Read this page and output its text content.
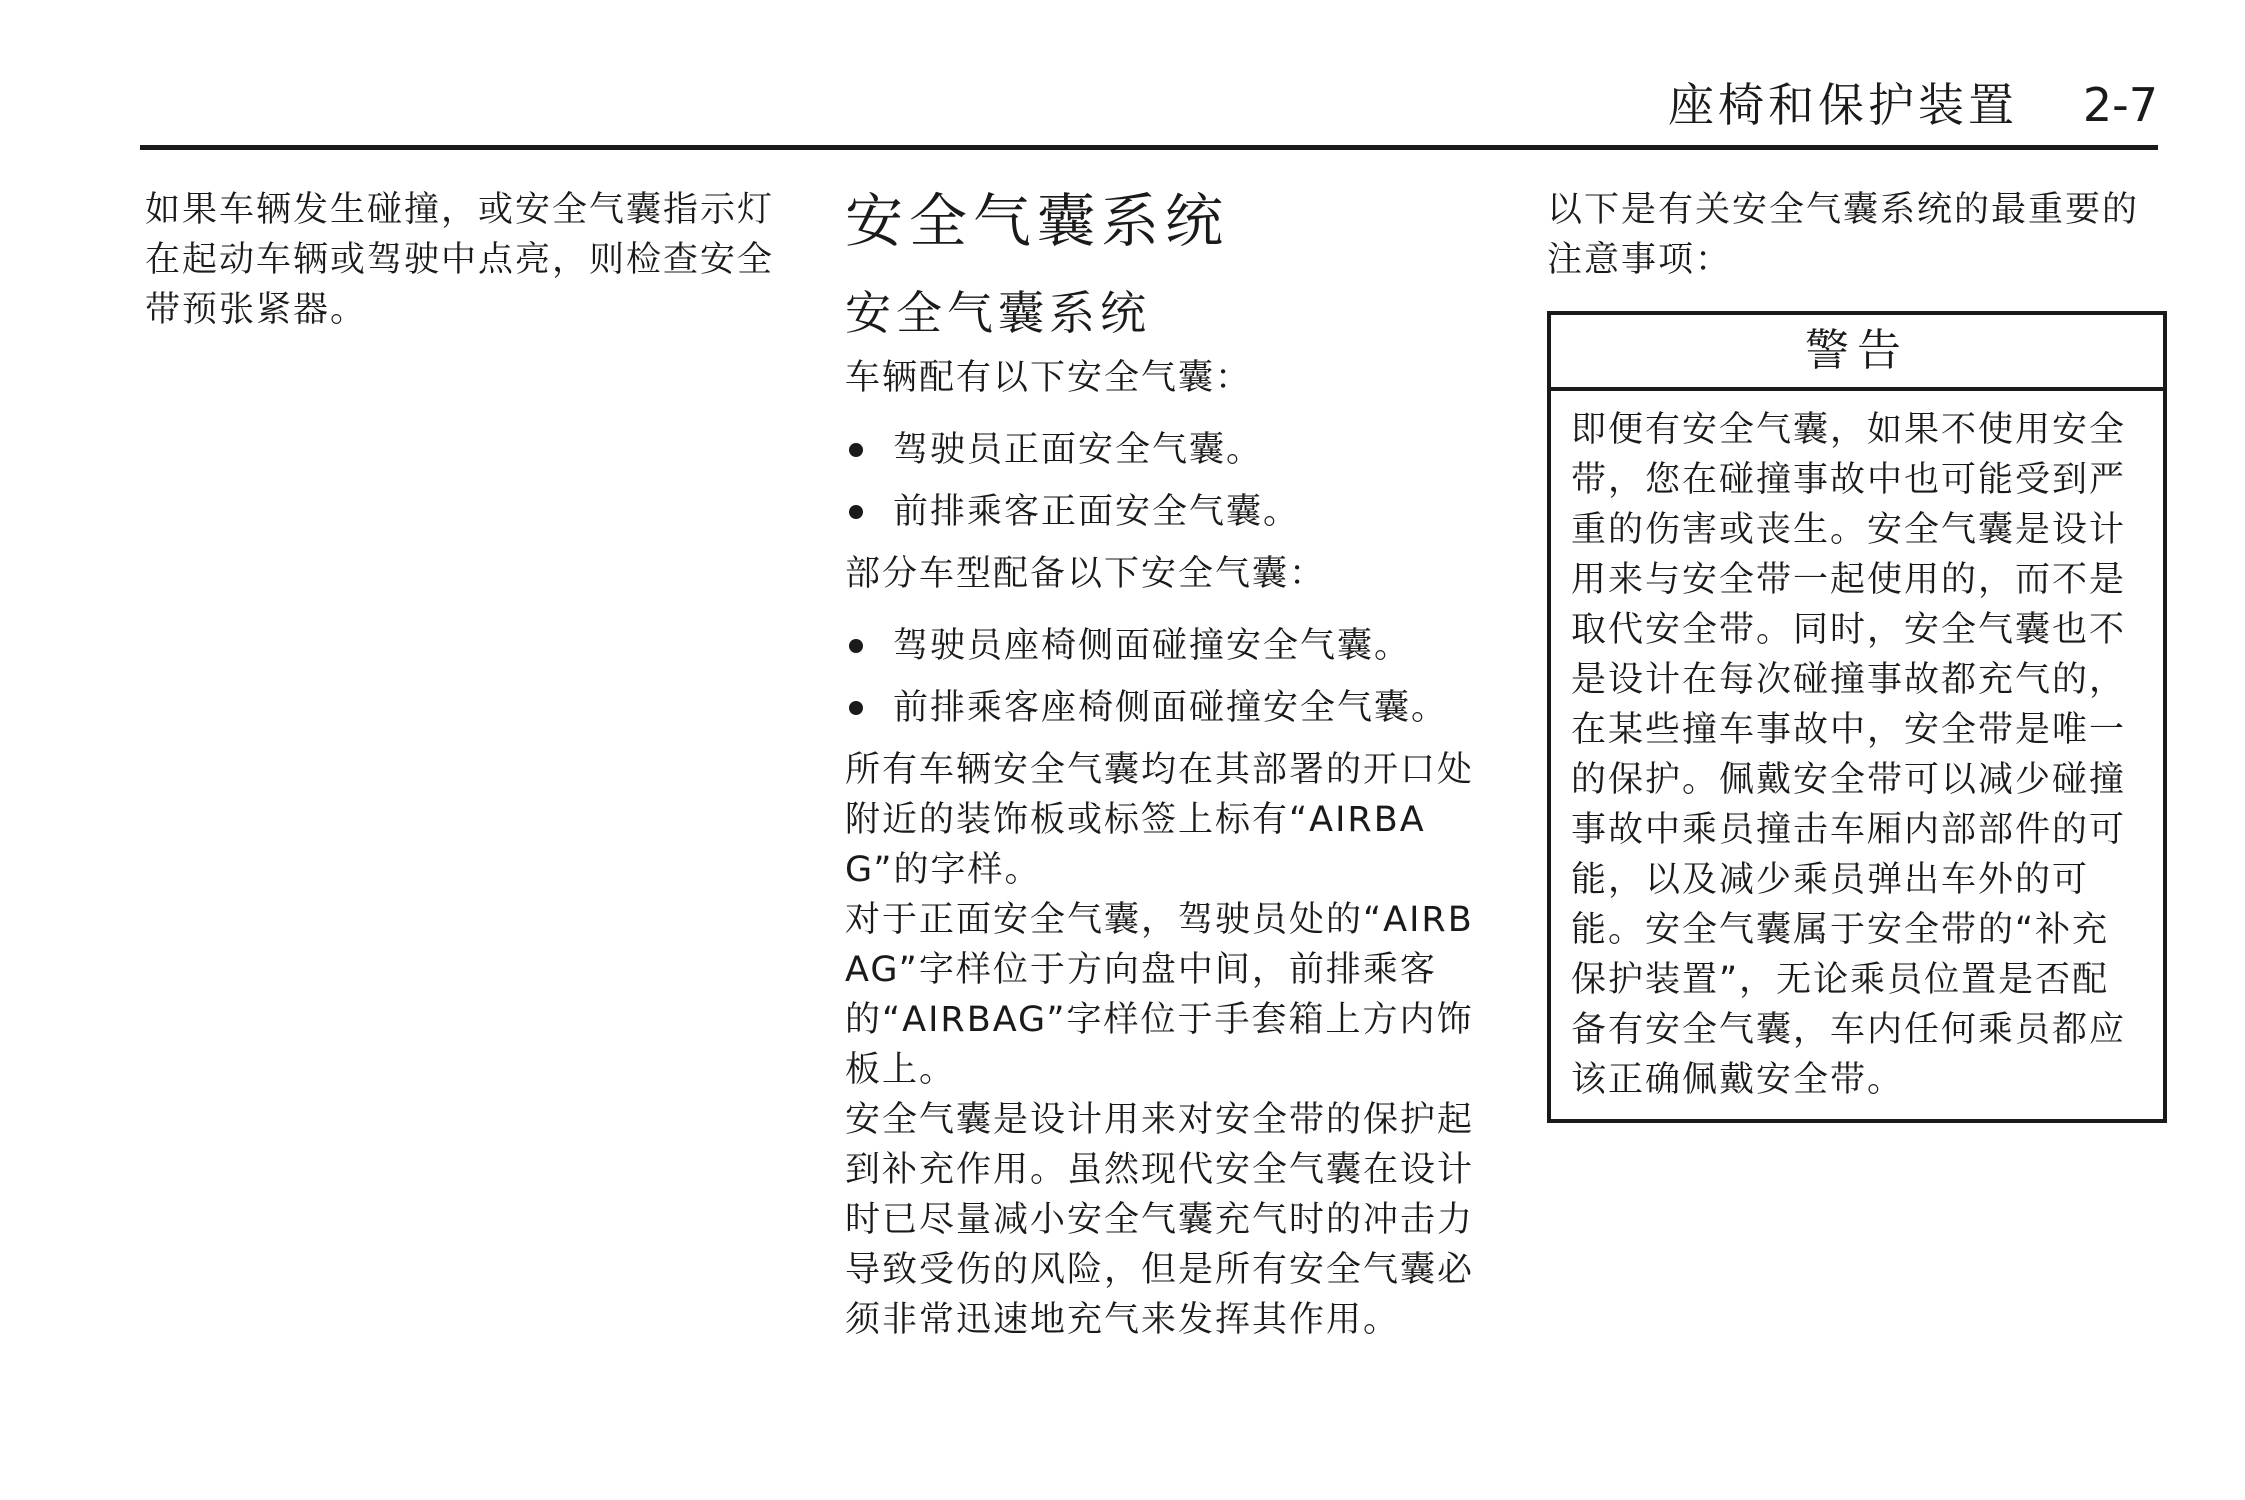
座椅和保护装置 2-7

如果车辆发生碰撞，或安全气囊指示灯在起动车辆或驾驶中点亮，则检查安全带预张紧器。

安全气囊系统
安全气囊系统

车辆配有以下安全气囊：

驾驶员正面安全气囊。
前排乘客正面安全气囊。

部分车型配备以下安全气囊：

驾驶员座椅侧面碰撞安全气囊。
前排乘客座椅侧面碰撞安全气囊。

所有车辆安全气囊均在其部署的开口处附近的装饰板或标签上标有“AIRBAG”的字样。

对于正面安全气囊，驾驶员处的“AIRBAG”字样位于方向盘中间，前排乘客的“AIRBAG”字样位于手套箱上方内饰板上。

安全气囊是设计用来对安全带的保护起到补充作用。虽然现代安全气囊在设计时已尽量减小安全气囊充气时的冲击力导致受伤的风险，但是所有安全气囊必须非常迅速地充气来发挥其作用。

以下是有关安全气囊系统的最重要的注意事项：

警告
即便有安全气囊，如果不使用安全带，您在碰撞事故中也可能受到严重的伤害或丧生。安全气囊是设计用来与安全带一起使用的，而不是取代安全带。同时，安全气囊也不是设计在每次碰撞事故都充气的，在某些撞车事故中，安全带是唯一的保护。佩戴安全带可以减少碰撞事故中乘员撞击车厢内部部件的可能，以及减少乘员弹出车外的可能。安全气囊属于安全带的“补充保护装置”，无论乘员位置是否配备有安全气囊，车内任何乘员都应该正确佩戴安全带。
